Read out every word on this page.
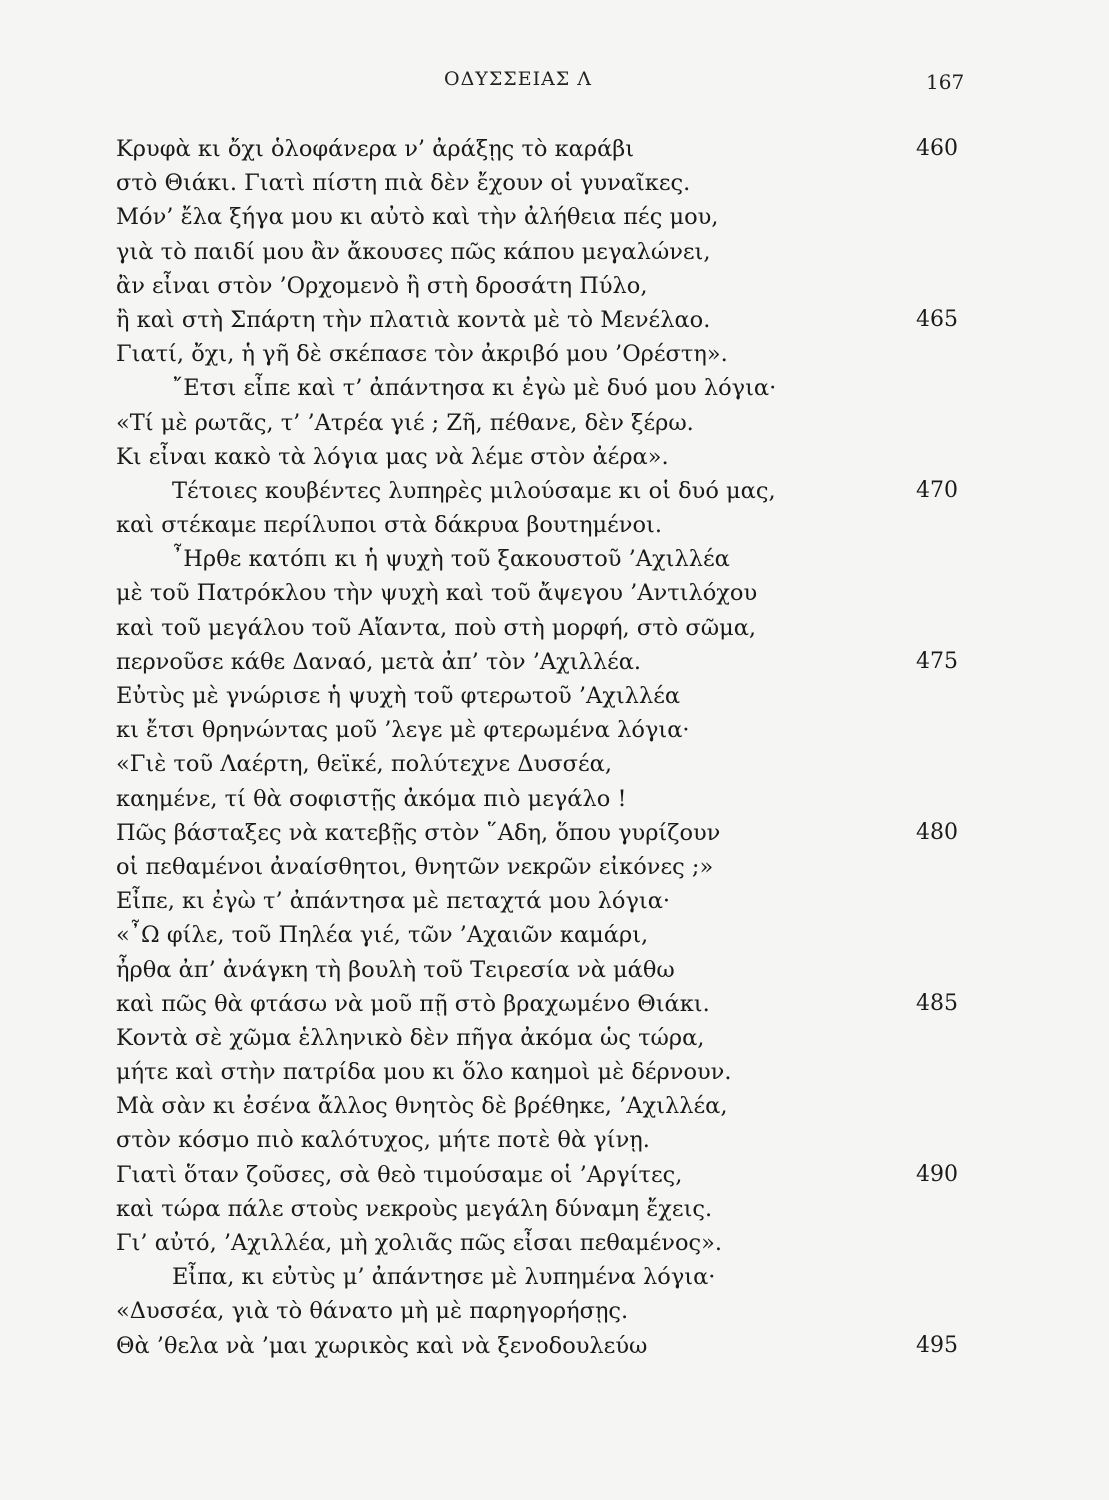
ΟΔΥΣΣΕΙΑΣ Λ	167
Κρυφὰ κι ὄχι ὁλοφάνερα ν’ ἀράξῃς τὸ καράβι	460
στὸ Θιάκι. Γιατὶ πίστη πιὰ δὲν ἔχουν οἱ γυναῖκες.
Μόν’ ἔλα ξήγα μου κι αὐτὸ καὶ τὴν ἀλήθεια πές μου,
γιὰ τὸ παιδί μου ἂν ἄκουσες πῶς κάπου μεγαλώνει,
ἂν εἶναι στὸν ’Ορχομενὸ ἢ στὴ δροσάτη Πύλο,
ἢ καὶ στὴ Σπάρτη τὴν πλατιὰ κοντὰ μὲ τὸ Μενέλαο.	465
Γιατί, ὄχι, ἡ γῆ δὲ σκέπασε τὸν ἀκριβό μου ’Ορέστη».
῎Ετσι εἶπε καὶ τ’ ἀπάντησα κι ἐγὼ μὲ δυό μου λόγια·
«Τί μὲ ρωτᾶς, τ’ ’Ατρέα γιέ ; Ζῆ, πέθανε, δὲν ξέρω.
Κι εἶναι κακὸ τὰ λόγια μας νὰ λέμε στὸν ἀέρα».
Τέτοιες κουβέντες λυπηρὲς μιλούσαμε κι οἱ δυό μας,	470
καὶ στέκαμε περίλυποι στὰ δάκρυα βουτημένοι.
῏Ηρθε κατόπι κι ἡ ψυχὴ τοῦ ξακουστοῦ ’Αχιλλέα
μὲ τοῦ Πατρόκλου τὴν ψυχὴ καὶ τοῦ ἄψεγου ’Αντιλόχου
καὶ τοῦ μεγάλου τοῦ Αἴαντα, ποὺ στὴ μορφή, στὸ σῶμα,
περνοῦσε κάθε Δαναό, μετὰ ἀπ’ τὸν ’Αχιλλέα.	475
Εὐτὺς μὲ γνώρισε ἡ ψυχὴ τοῦ φτερωτοῦ ’Αχιλλέα
κι ἔτσι θρηνώντας μοῦ ’λεγε μὲ φτερωμένα λόγια·
«Γιὲ τοῦ Λαέρτη, θεϊκέ, πολύτεχνε Δυσσέα,
καημένε, τί θὰ σοφιστῇς ἀκόμα πιὸ μεγάλο !
Πῶς βάσταξες νὰ κατεβῇς στὸν ῞Αδη, ὅπου γυρίζουν	480
οἱ πεθαμένοι ἀναίσθητοι, θνητῶν νεκρῶν εἰκόνες ;»
Εἶπε, κι ἐγὼ τ’ ἀπάντησα μὲ πεταχτά μου λόγια·
«῏Ω φίλε, τοῦ Πηλέα γιέ, τῶν ’Αχαιῶν καμάρι,
ἦρθα ἀπ’ ἀνάγκη τὴ βουλὴ τοῦ Τειρεσία νὰ μάθω
καὶ πῶς θὰ φτάσω νὰ μοῦ πῇ στὸ βραχωμένο Θιάκι.	485
Κοντὰ σὲ χῶμα ἑλληνικὸ δὲν πῆγα ἀκόμα ὡς τώρα,
μήτε καὶ στὴν πατρίδα μου κι ὅλο καημοὶ μὲ δέρνουν.
Μὰ σὰν κι ἐσένα ἄλλος θνητὸς δὲ βρέθηκε, ’Αχιλλέα,
στὸν κόσμο πιὸ καλότυχος, μήτε ποτὲ θὰ γίνῃ.
Γιατὶ ὅταν ζοῦσες, σὰ θεὸ τιμούσαμε οἱ ’Αργίτες,	490
καὶ τώρα πάλε στοὺς νεκροὺς μεγάλη δύναμη ἔχεις.
Γι’ αὐτό, ’Αχιλλέα, μὴ χολιᾶς πῶς εἶσαι πεθαμένος».
Εἶπα, κι εὐτὺς μ’ ἀπάντησε μὲ λυπημένα λόγια·
«Δυσσέα, γιὰ τὸ θάνατο μὴ μὲ παρηγορήσῃς.
Θὰ ’θελα νὰ ’μαι χωρικὸς καὶ νὰ ξενοδουλεύω	495
